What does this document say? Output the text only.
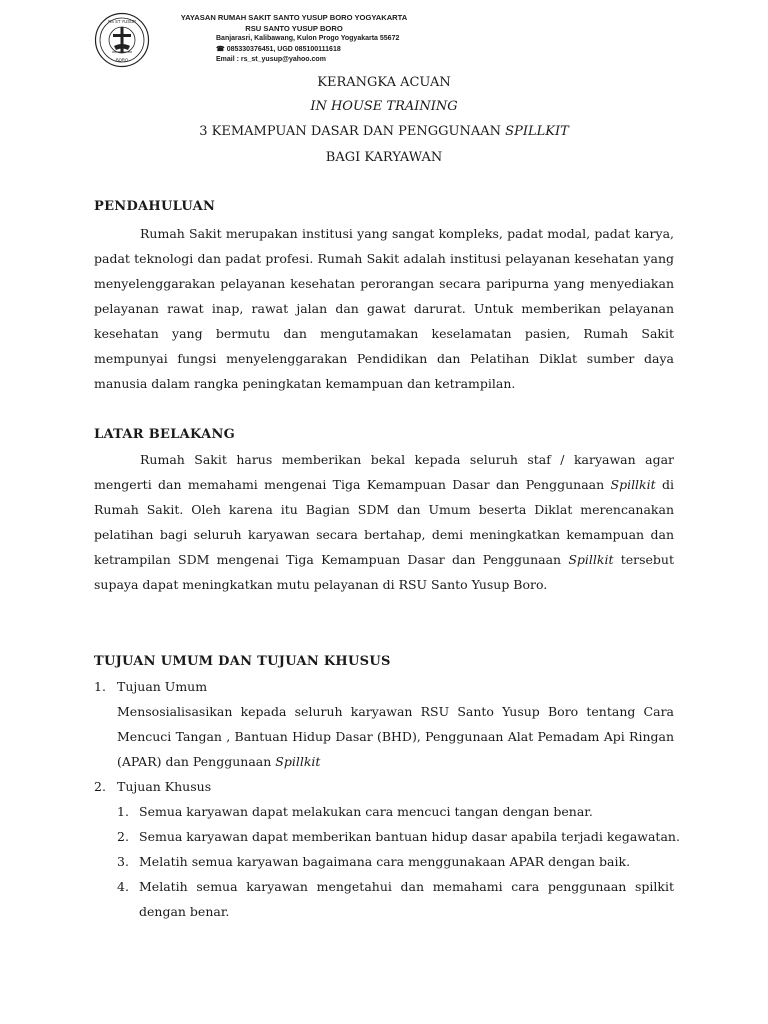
RS ST YUSUP
BORO
YAYASAN RUMAH SAKIT SANTO YUSUP BORO YOGYAKARTA
RSU SANTO YUSUP BORO
Banjarasri, Kalibawang, Kulon Progo Yogyakarta 55672
☎ 085330376451, UGD 085100111618
Email : rs_st_yusup@yahoo.com
KERANGKA ACUAN
IN HOUSE TRAINING
3 KEMAMPUAN DASAR DAN PENGGUNAAN SPILLKIT
BAGI KARYAWAN
PENDAHULUAN
Rumah Sakit merupakan institusi yang sangat kompleks, padat modal, padat karya, padat teknologi dan padat profesi. Rumah Sakit adalah institusi pelayanan kesehatan yang menyelenggarakan pelayanan kesehatan perorangan secara paripurna yang menyediakan pelayanan rawat inap, rawat jalan dan gawat darurat. Untuk memberikan pelayanan kesehatan yang bermutu dan mengutamakan keselamatan pasien, Rumah Sakit mempunyai fungsi menyelenggarakan Pendidikan dan Pelatihan Diklat sumber daya manusia dalam rangka peningkatan kemampuan dan ketrampilan.
LATAR BELAKANG
Rumah Sakit harus memberikan bekal kepada seluruh staf / karyawan agar mengerti dan memahami mengenai Tiga Kemampuan Dasar dan Penggunaan Spillkit di Rumah Sakit. Oleh karena itu Bagian SDM dan Umum beserta Diklat merencanakan pelatihan bagi seluruh karyawan secara bertahap, demi meningkatkan kemampuan dan ketrampilan SDM mengenai Tiga Kemampuan Dasar dan Penggunaan Spillkit tersebut supaya dapat meningkatkan mutu pelayanan di RSU Santo Yusup Boro.
TUJUAN UMUM DAN TUJUAN KHUSUS
1. Tujuan Umum
Mensosialisasikan kepada seluruh karyawan RSU Santo Yusup Boro tentang Cara Mencuci Tangan , Bantuan Hidup Dasar (BHD), Penggunaan Alat Pemadam Api Ringan (APAR) dan Penggunaan Spillkit
2. Tujuan Khusus
1. Semua karyawan dapat melakukan cara mencuci tangan dengan benar.
2. Semua karyawan dapat memberikan bantuan hidup dasar apabila terjadi kegawatan.
3. Melatih semua karyawan bagaimana cara menggunakaan APAR dengan baik.
4. Melatih semua karyawan mengetahui dan memahami cara penggunaan spilkit dengan benar.
